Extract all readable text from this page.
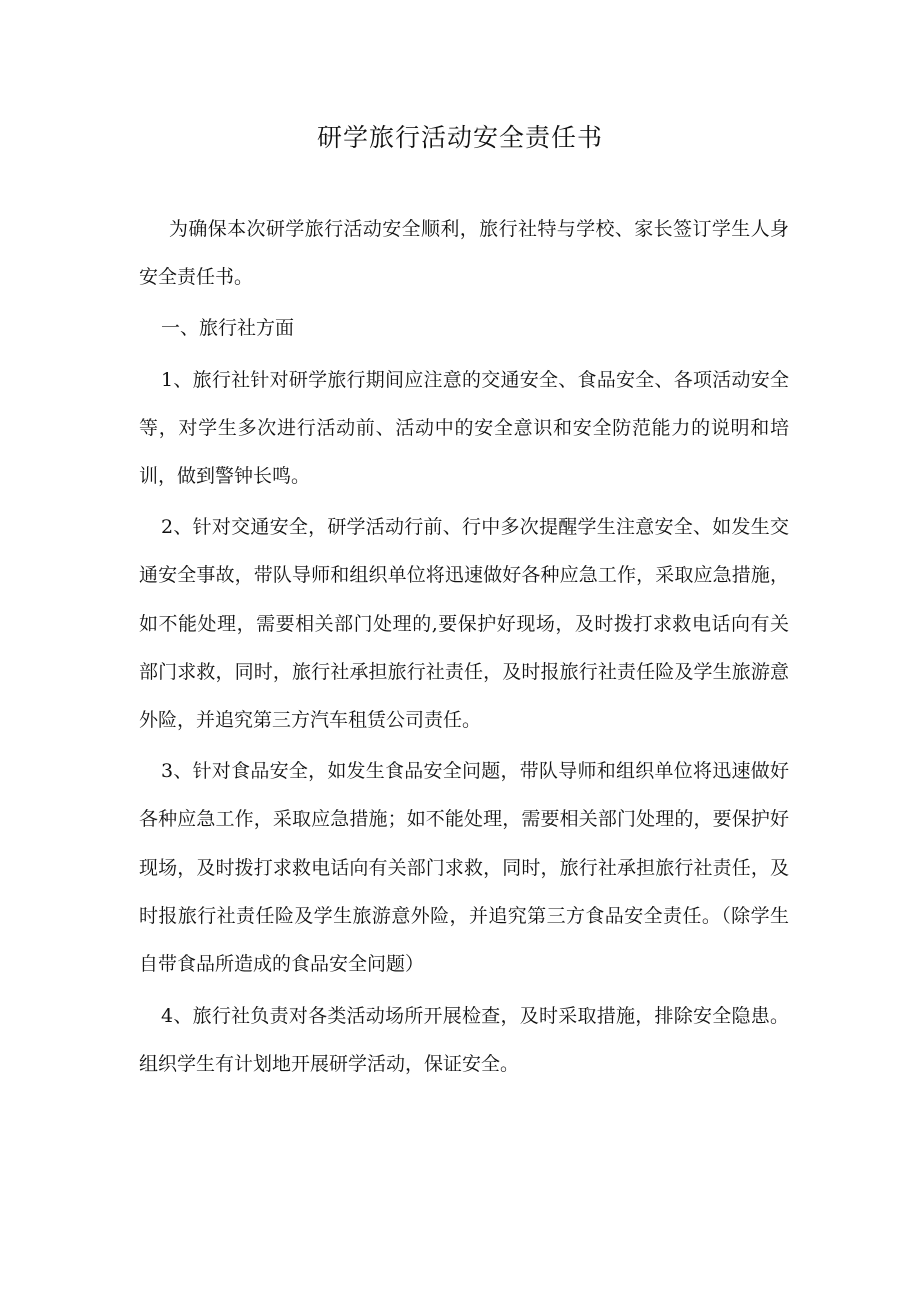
研学旅行活动安全责任书

为确保本次研学旅行活动安全顺利，旅行社特与学校、家长签订学生人身安全责任书。

一、旅行社方面

1、旅行社针对研学旅行期间应注意的交通安全、食品安全、各项活动安全等，对学生多次进行活动前、活动中的安全意识和安全防范能力的说明和培训，做到警钟长鸣。

2、针对交通安全，研学活动行前、行中多次提醒学生注意安全、如发生交通安全事故，带队导师和组织单位将迅速做好各种应急工作，采取应急措施，如不能处理，需要相关部门处理的,要保护好现场，及时拨打求救电话向有关部门求救，同时，旅行社承担旅行社责任，及时报旅行社责任险及学生旅游意外险，并追究第三方汽车租赁公司责任。

3、针对食品安全，如发生食品安全问题，带队导师和组织单位将迅速做好各种应急工作，采取应急措施；如不能处理，需要相关部门处理的，要保护好现场，及时拨打求救电话向有关部门求救，同时，旅行社承担旅行社责任，及时报旅行社责任险及学生旅游意外险，并追究第三方食品安全责任。（除学生自带食品所造成的食品安全问题）

4、旅行社负责对各类活动场所开展检查，及时采取措施，排除安全隐患。组织学生有计划地开展研学活动，保证安全。
